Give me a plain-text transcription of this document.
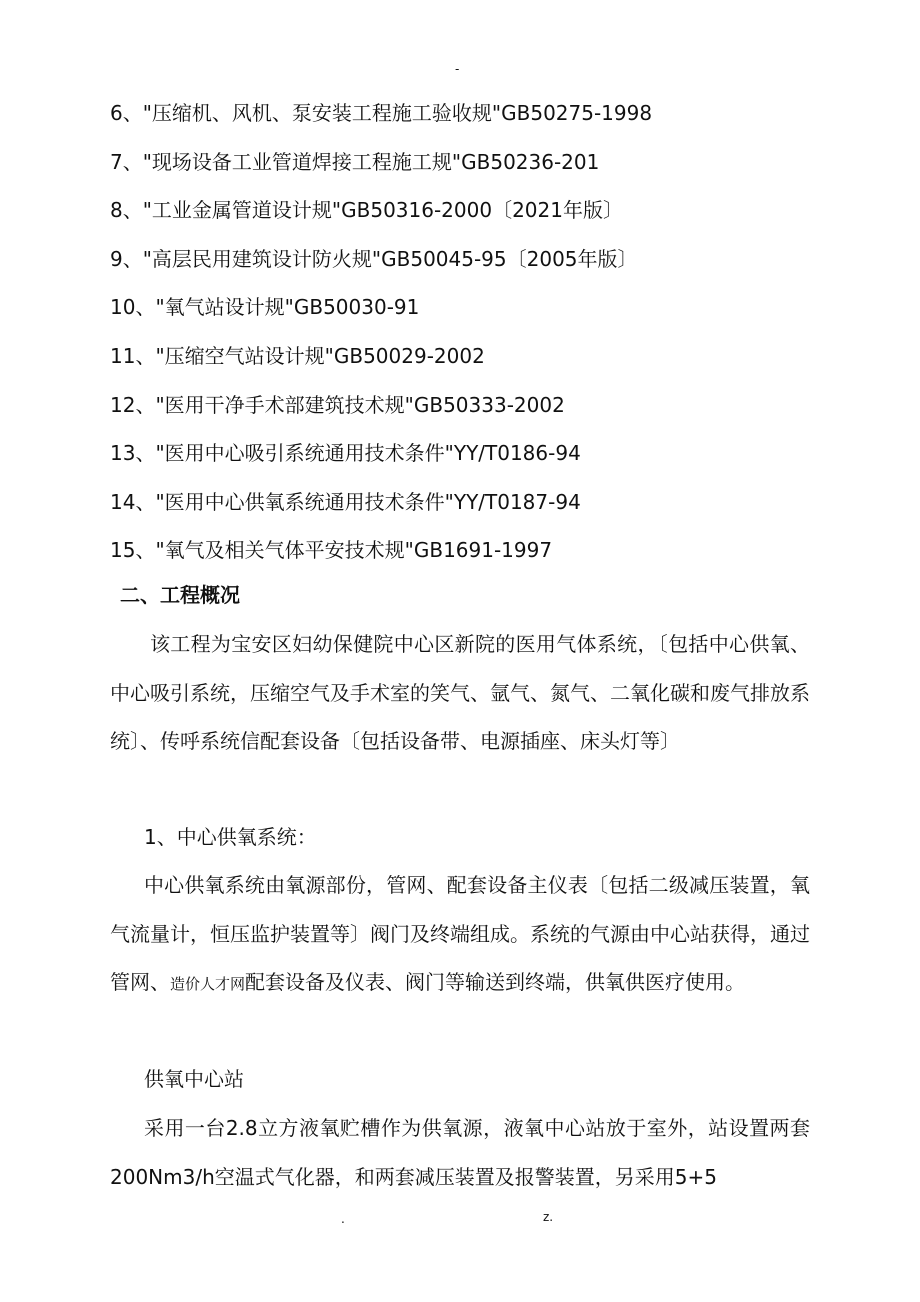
-
6、"压缩机、风机、泵安装工程施工验收规"GB50275-1998
7、"现场设备工业管道焊接工程施工规"GB50236-201
8、"工业金属管道设计规"GB50316-2000〔2021年版〕
9、"高层民用建筑设计防火规"GB50045-95〔2005年版〕
10、"氧气站设计规"GB50030-91
11、"压缩空气站设计规"GB50029-2002
12、"医用干净手术部建筑技术规"GB50333-2002
13、"医用中心吸引系统通用技术条件"YY/T0186-94
14、"医用中心供氧系统通用技术条件"YY/T0187-94
15、"氧气及相关气体平安技术规"GB1691-1997
二、工程概况

该工程为宝安区妇幼保健院中心区新院的医用气体系统，〔包括中心供氧、中心吸引系统，压缩空气及手术室的笑气、氩气、氮气、二氧化碳和废气排放系统〕、传呼系统信配套设备〔包括设备带、电源插座、床头灯等〕

1、中心供氧系统：

中心供氧系统由氧源部份，管网、配套设备主仪表〔包括二级减压装置，氧气流量计，恒压监护装置等〕阀门及终端组成。系统的气源由中心站获得，通过管网、造价人才网配套设备及仪表、阀门等输送到终端，供氧供医疗使用。

供氧中心站

采用一台2.8立方液氧贮槽作为供氧源，液氧中心站放于室外，站设置两套200Nm3/h空温式气化器，和两套减压装置及报警装置，另采用5+5

.	z.
